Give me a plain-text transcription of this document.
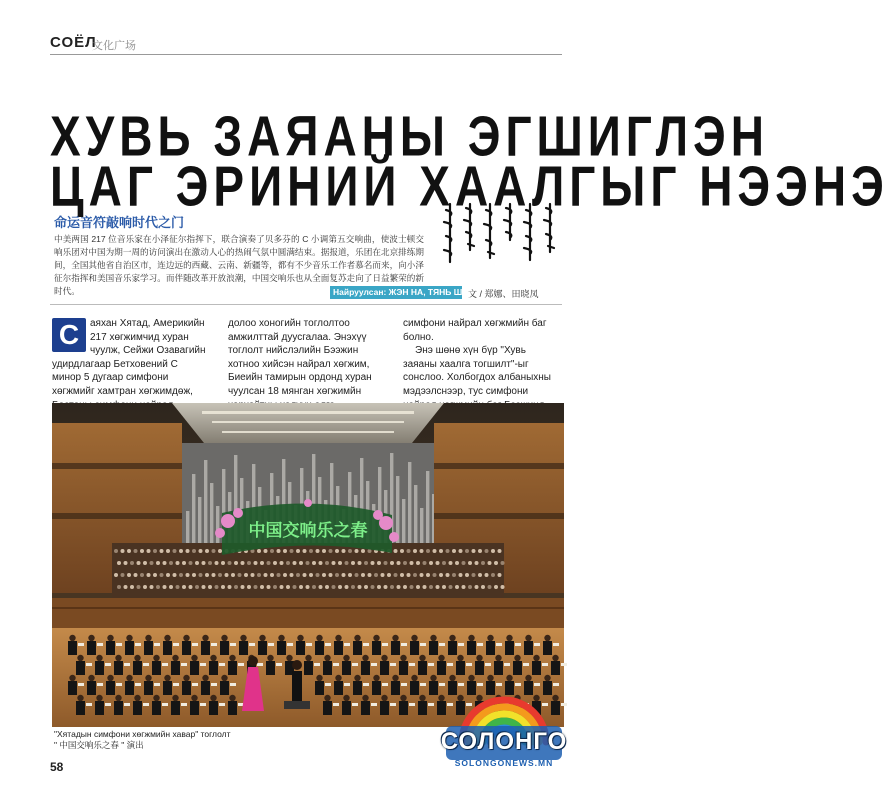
СОЁЛ
文化广场
ХУВЬ ЗАЯАНЫ ЭГШИГЛЭН
ЦАГ ЭРИНИЙ ХААЛГЫГ НЭЭНЭ
命运音符敲响时代之门
中美两国 217 位音乐家在小泽征尔指挥下，联合演奏了贝多芬的 C 小调第五交响曲，使波士顿交响乐团对中国为期一周的访问演出在激动人心的热闹气氛中圆满结束。据报道，乐团在北京排练期间，全国其他省自治区市，连边远的西藏、云南、新疆等，都有不少音乐工作者慕名而来，向小泽征尔指挥和美国音乐家学习。而伴随改革开放浪潮，中国交响乐也从全面复苏走向了日益繁荣的新时代。	Найруулсан: ЖЭН НА, ТЯНЬ ШЯОФЭН
文 / 郑娜、田晓凤
С	аяхан Хятад, Америкийн 217 хөгжимчид хуран чуулж, Сейжи Озавагийн удирдлагаар Бетховений С минор 5 дугаар симфони хөгжмийг хамтран хөгжимдөж,

долоо хоногийн тоглолтоо амжилттай дуусгалаа. Энэхүү тоглолт нийслэлийн Бээжин хотноо хийсэн найрал хөгжим, Биеийн тамирын ордонд хуран чуулсан 18 мянган хөгжимйн

симфони найрал хөгжмийн баг болно.

Энэ шөнө хүн бүр "Хувь заяаны хаалга тогшилт"-ыг сонслоо. Холбогдох албаныхны мэдээлснээр, тус симфони

中国交响乐之春
"Хятадын симфони хөгжмийн хавар" тоглолт
" 中国交响乐之春 " 演出
58
СОЛОНГО
SOLONGONEWS.MN
